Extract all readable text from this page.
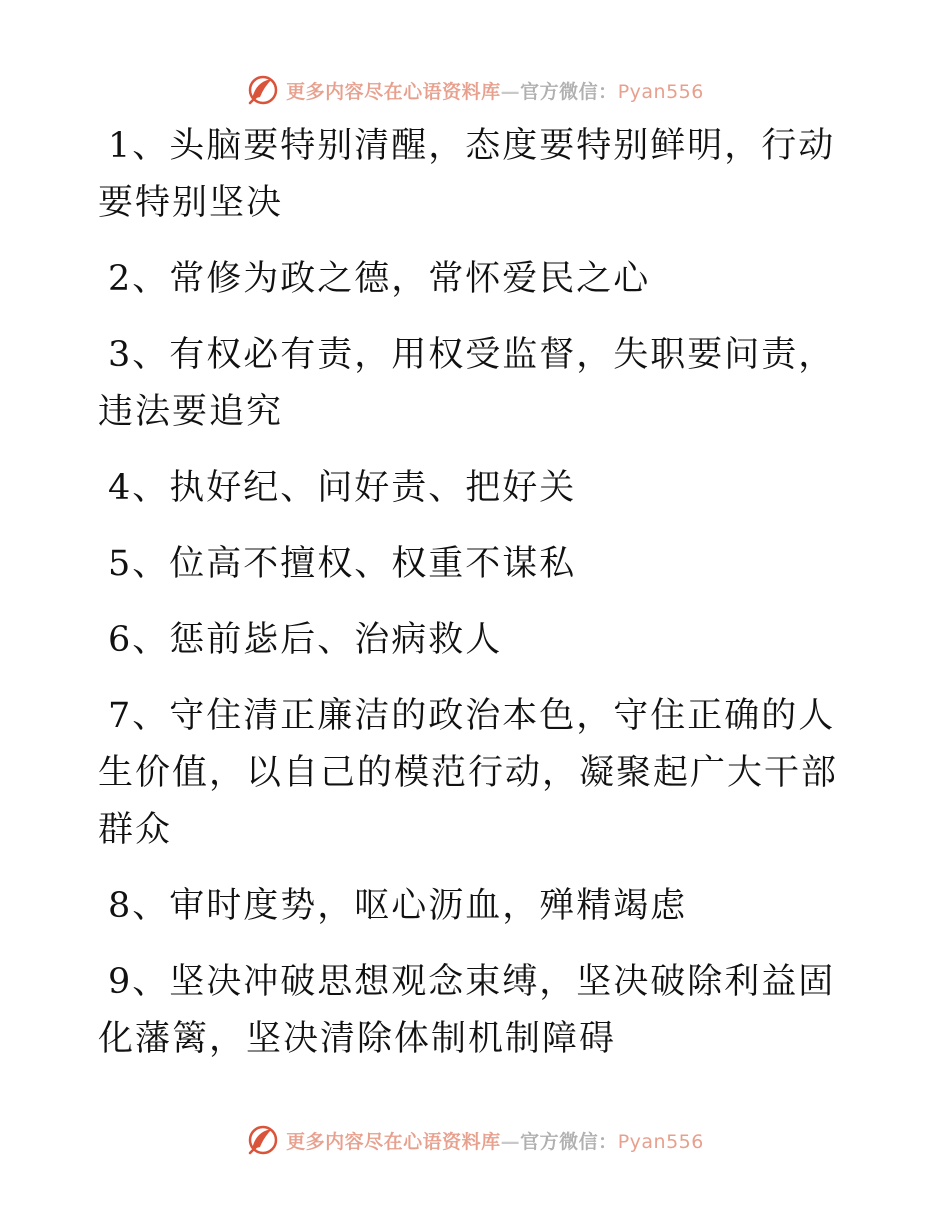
更多内容尽在心语资料库—官方微信：Pyan556

1、头脑要特别清醒，态度要特别鲜明，行动要特别坚决

2、常修为政之德，常怀爱民之心

3、有权必有责，用权受监督，失职要问责，违法要追究

4、执好纪、问好责、把好关

5、位高不擅权、权重不谋私

6、惩前毖后、治病救人

7、守住清正廉洁的政治本色，守住正确的人生价值，以自己的模范行动，凝聚起广大干部群众

8、审时度势，呕心沥血，殚精竭虑

9、坚决冲破思想观念束缚，坚决破除利益固化藩篱，坚决清除体制机制障碍

更多内容尽在心语资料库—官方微信：Pyan556
